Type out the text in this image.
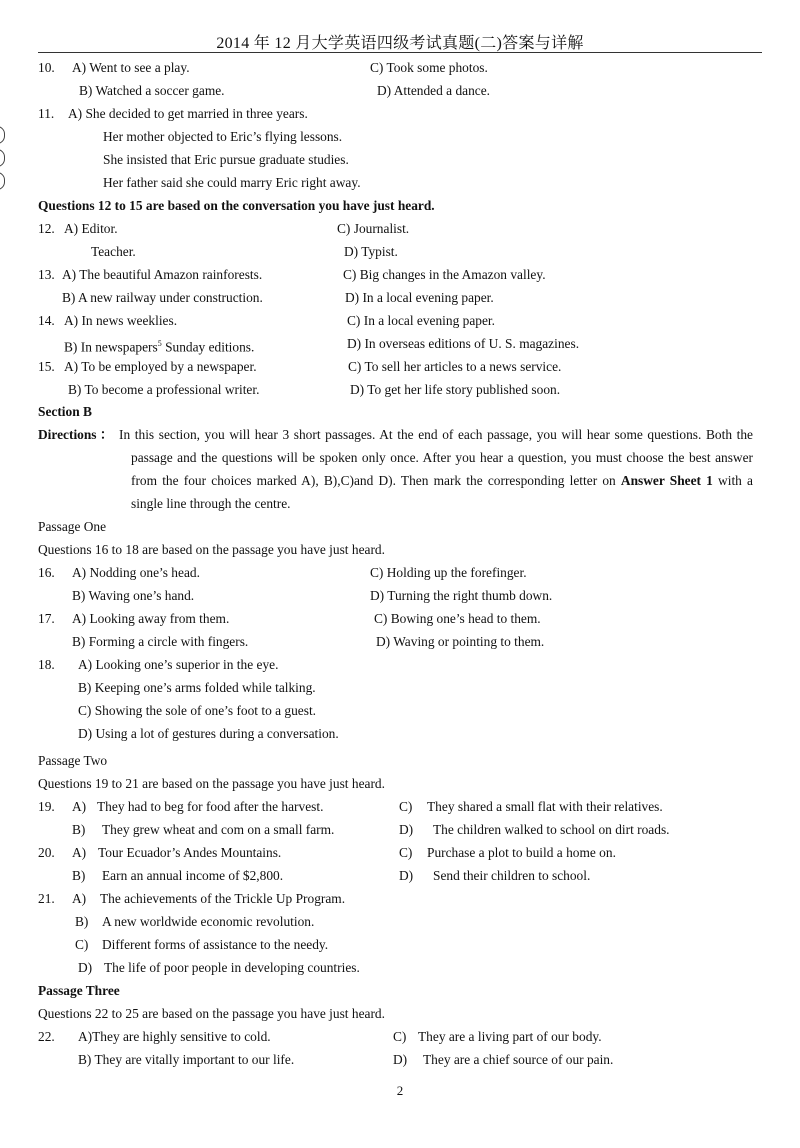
2014 年 12 月大学英语四级考试真题(二)答案与详解
10. A) Went to see a play.	C) Took some photos.
B) Watched a soccer game.	D) Attended a dance.
11. A) She decided to get married in three years.
Her mother objected to Eric’s flying lessons.
She insisted that Eric pursue graduate studies.
Her father said she could marry Eric right away.
Questions 12 to 15 are based on the conversation you have just heard.
12. A) Editor.	C) Journalist.
Teacher.	D) Typist.
13. A) The beautiful Amazon rainforests.	C) Big changes in the Amazon valley.
B) A new railway under construction.	D) In a local evening paper.
14. A) In news weeklies.	C) In a local evening paper.
B) In newspapers$^5$ Sunday editions.	D) In overseas editions of U. S. magazines.
15. A) To be employed by a newspaper.	C) To sell her articles to a news service.
B) To become a professional writer.	D) To get her life story published soon.
Section B
Directions ： In this section, you will hear 3 short passages. At the end of each passage, you will hear some questions. Both the
passage and the questions will be spoken only once. After you hear a question, you must choose the best answer
from the four choices marked A), B),C)and D). Then mark the corresponding letter on Answer Sheet 1 with a
single line through the centre.
Passage One
Questions 16 to 18 are based on the passage you have just heard.
16. A) Nodding one’s head.	C) Holding up the forefinger.
B) Waving one’s hand.	D) Turning the right thumb down.
17. A) Looking away from them.	C) Bowing one’s head to them.
B) Forming a circle with fingers.	D) Waving or pointing to them.
18. A) Looking one’s superior in the eye.
B) Keeping one’s arms folded while talking.
C) Showing the sole of one’s foot to a guest.
D) Using a lot of gestures during a conversation.
Passage Two
Questions 19 to 21 are based on the passage you have just heard.
19. A) They had to beg for food after the harvest.	C) They shared a small flat with their relatives.
B) They grew wheat and com on a small farm.	D) The children walked to school on dirt roads.
20. A) Tour Ecuador’s Andes Mountains.	C) Purchase a plot to build a home on.
B) Earn an annual income of $2,800.	D) Send their children to school.
21. A) The achievements of the Trickle Up Program.
B) A new worldwide economic revolution.
C) Different forms of assistance to the needy.
D) The life of poor people in developing countries.
Passage Three
Questions 22 to 25 are based on the passage you have just heard.
22. A)They are highly sensitive to cold.	C) They are a living part of our body.
B) They are vitally important to our life.	D) They are a chief source of our pain.
2
